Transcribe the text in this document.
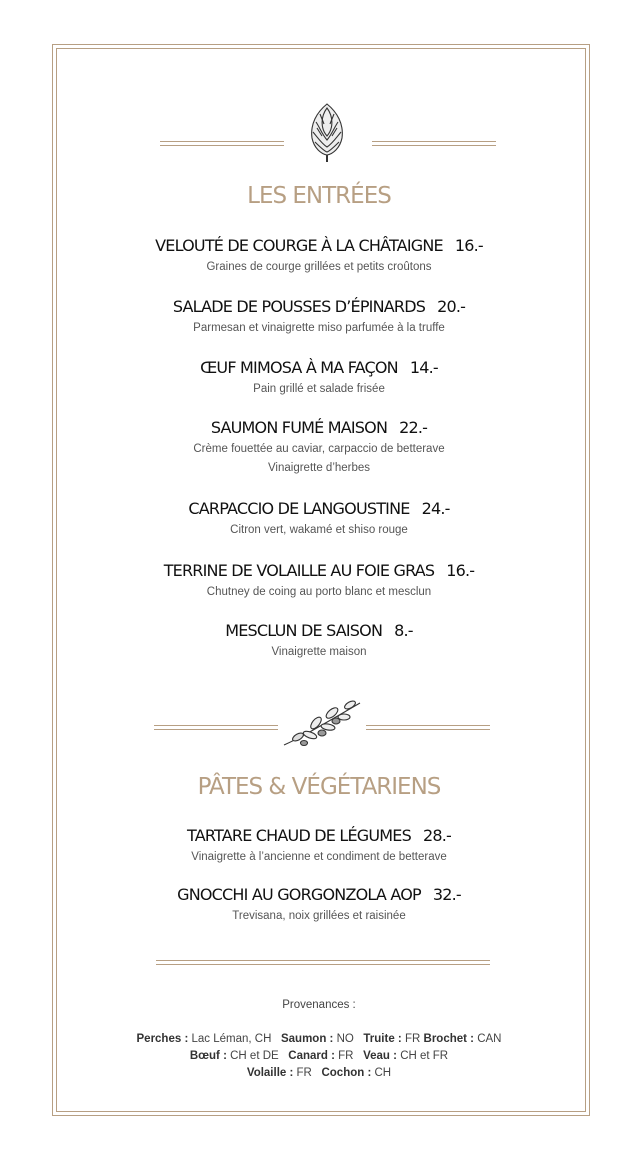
LES ENTRÉES
VELOUTÉ DE COURGE À LA CHÂTAIGNE 16.-
Graines de courge grillées et petits croûtons
SALADE DE POUSSES D’ÉPINARDS 20.-
Parmesan et vinaigrette miso parfumée à la truffe
ŒUF MIMOSA À MA FAÇON 14.-
Pain grillé et salade frisée
SAUMON FUMÉ MAISON 22.-
Crème fouettée au caviar, carpaccio de betterave
Vinaigrette d’herbes
CARPACCIO DE LANGOUSTINE 24.-
Citron vert, wakamé et shiso rouge
TERRINE DE VOLAILLE AU FOIE GRAS 16.-
Chutney de coing au porto blanc et mesclun
MESCLUN DE SAISON 8.-
Vinaigrette maison
PÂTES & VÉGÉTARIENS
TARTARE CHAUD DE LÉGUMES 28.-
Vinaigrette à l’ancienne et condiment de betterave
GNOCCHI AU GORGONZOLA AOP 32.-
Trevisana, noix grillées et raisinée
Provenances :
Perches : Lac Léman, CH Saumon : NO Truite : FR Brochet : CAN
Bœuf : CH et DE Canard : FR Veau : CH et FR
Volaille : FR Cochon : CH
